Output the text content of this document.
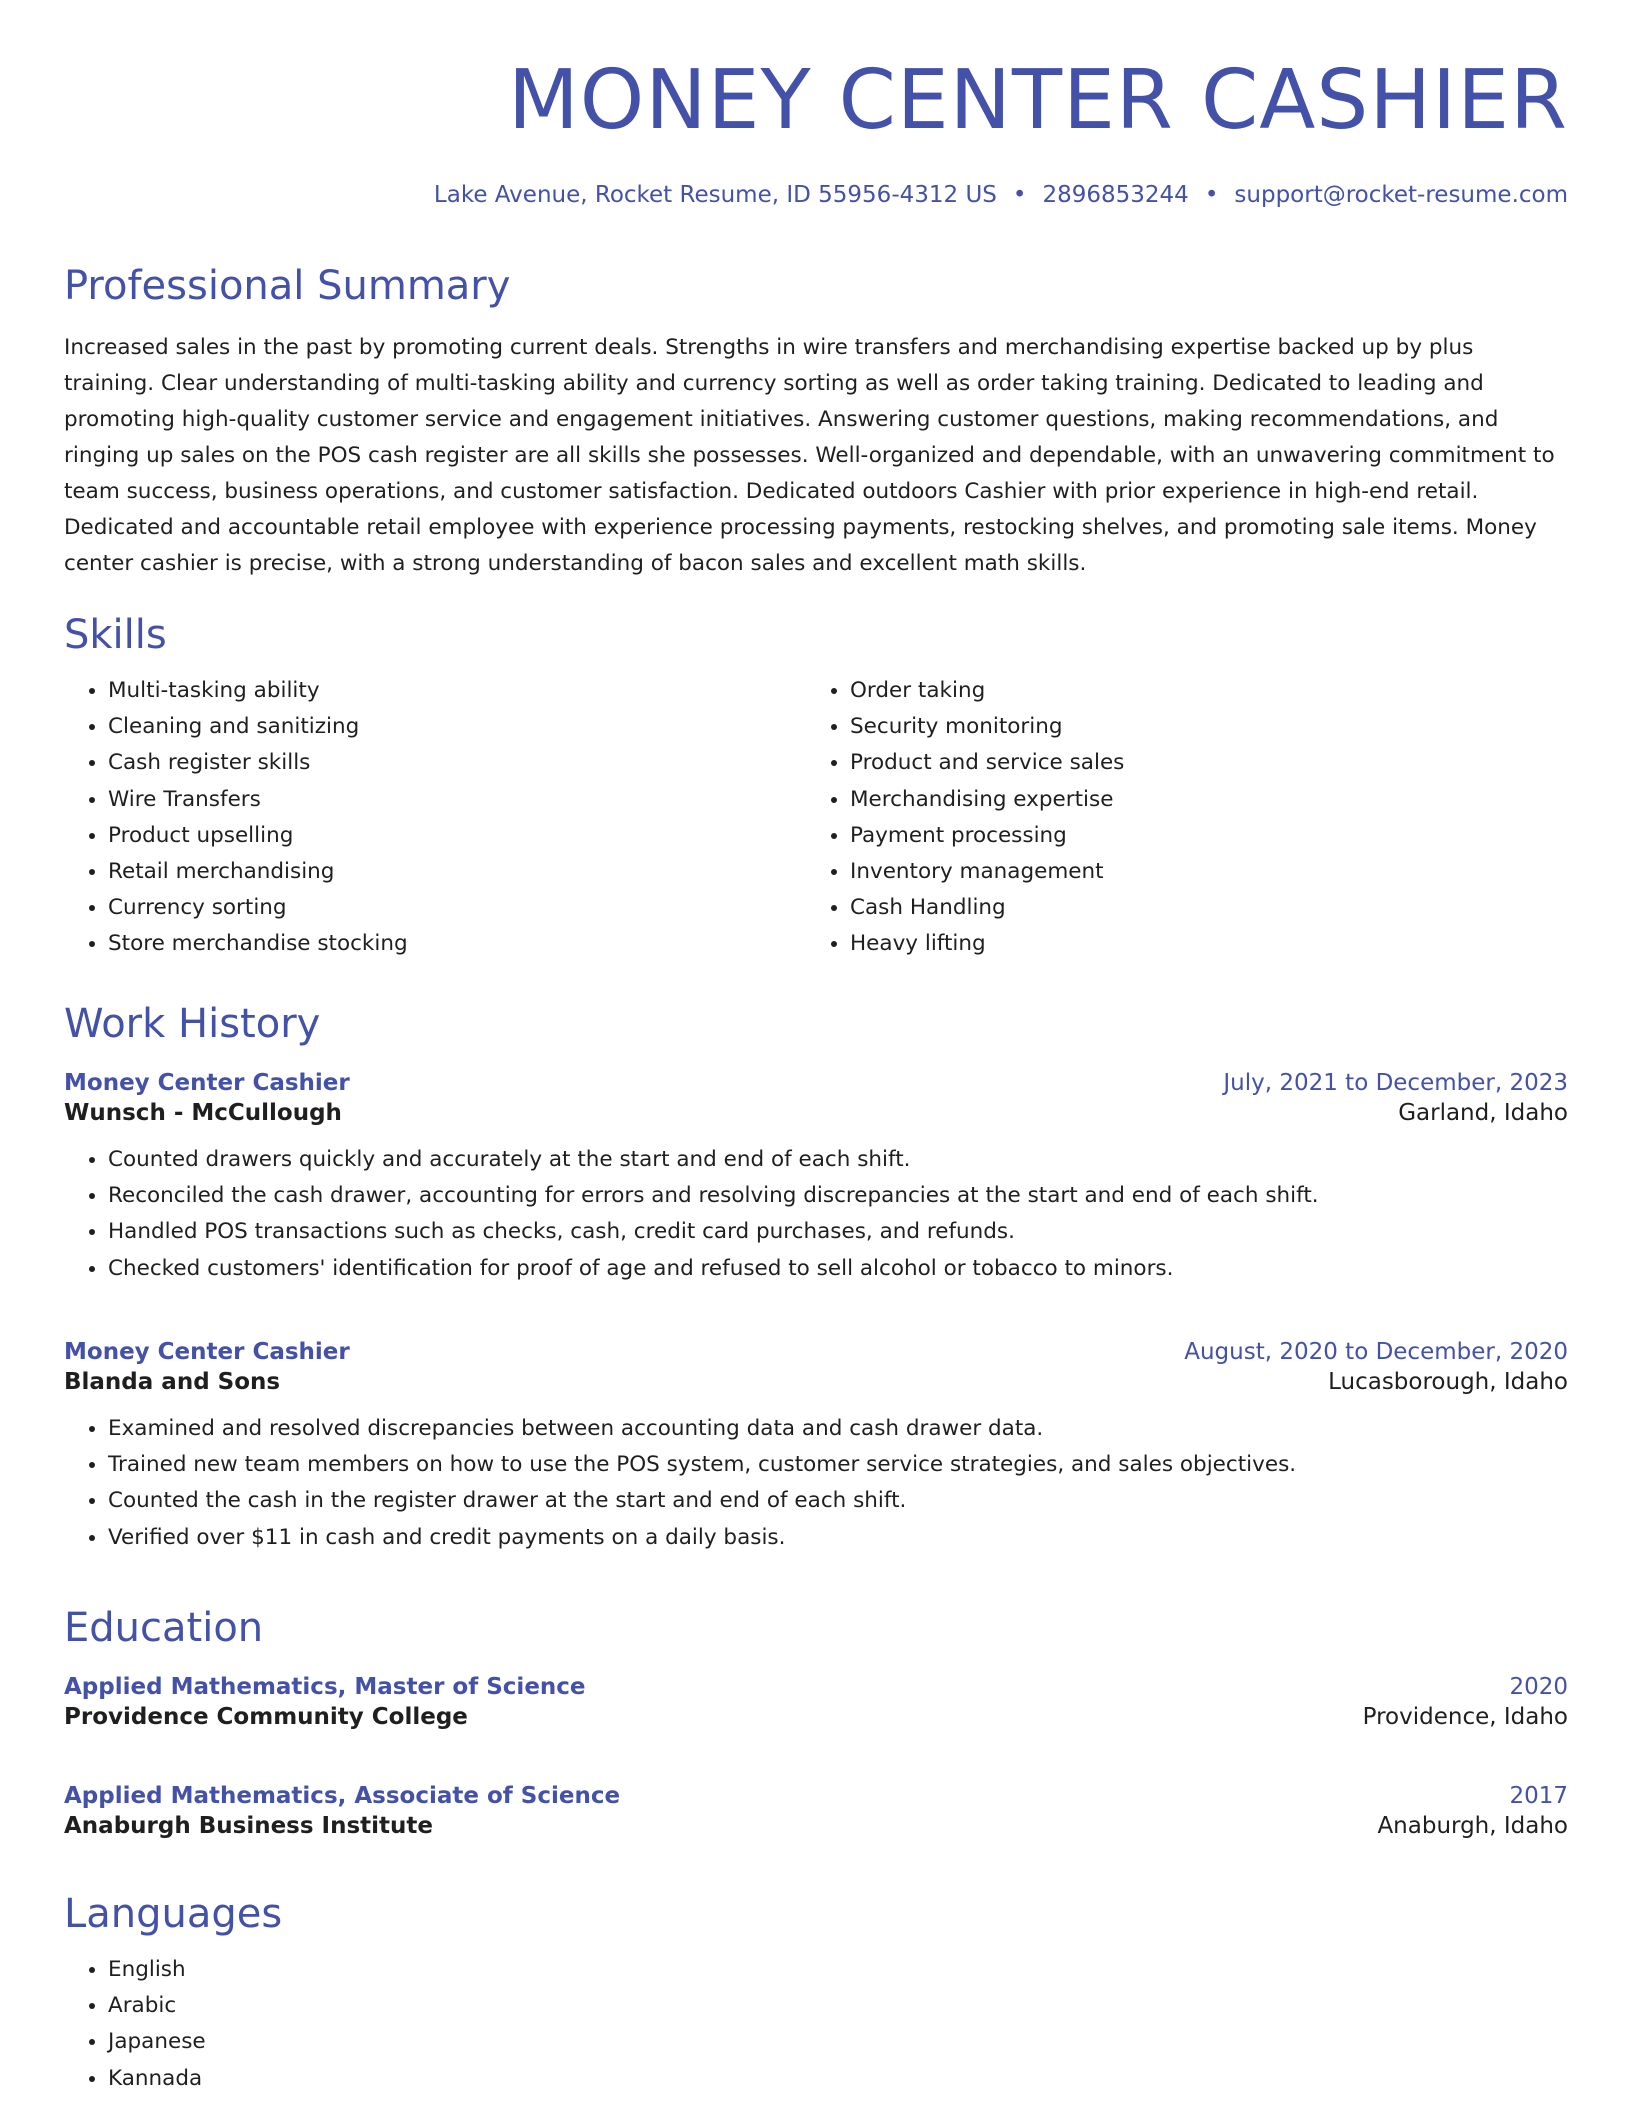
MONEY CENTER CASHIER
Lake Avenue, Rocket Resume, ID 55956-4312 US • 2896853244 • support@rocket-resume.com
Professional Summary
Increased sales in the past by promoting current deals. Strengths in wire transfers and merchandising expertise backed up by plus training. Clear understanding of multi-tasking ability and currency sorting as well as order taking training. Dedicated to leading and promoting high-quality customer service and engagement initiatives. Answering customer questions, making recommendations, and ringing up sales on the POS cash register are all skills she possesses. Well-organized and dependable, with an unwavering commitment to team success, business operations, and customer satisfaction. Dedicated outdoors Cashier with prior experience in high-end retail. Dedicated and accountable retail employee with experience processing payments, restocking shelves, and promoting sale items. Money center cashier is precise, with a strong understanding of bacon sales and excellent math skills.
Skills
• Multi-tasking ability
• Cleaning and sanitizing
• Cash register skills
• Wire Transfers
• Product upselling
• Retail merchandising
• Currency sorting
• Store merchandise stocking
• Order taking
• Security monitoring
• Product and service sales
• Merchandising expertise
• Payment processing
• Inventory management
• Cash Handling
• Heavy lifting
Work History
Money Center Cashier	July, 2021 to December, 2023
Wunsch - McCullough	Garland, Idaho
• Counted drawers quickly and accurately at the start and end of each shift.
• Reconciled the cash drawer, accounting for errors and resolving discrepancies at the start and end of each shift.
• Handled POS transactions such as checks, cash, credit card purchases, and refunds.
• Checked customers' identification for proof of age and refused to sell alcohol or tobacco to minors.
Money Center Cashier	August, 2020 to December, 2020
Blanda and Sons	Lucasborough, Idaho
• Examined and resolved discrepancies between accounting data and cash drawer data.
• Trained new team members on how to use the POS system, customer service strategies, and sales objectives.
• Counted the cash in the register drawer at the start and end of each shift.
• Verified over $11 in cash and credit payments on a daily basis.
Education
Applied Mathematics, Master of Science	2020
Providence Community College	Providence, Idaho
Applied Mathematics, Associate of Science	2017
Anaburgh Business Institute	Anaburgh, Idaho
Languages
• English
• Arabic
• Japanese
• Kannada
